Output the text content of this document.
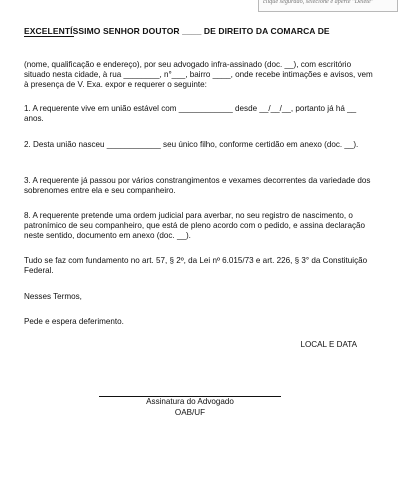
clique segurado, selecione e aperte "Delete"
EXCELENTÍSSIMO SENHOR DOUTOR ____ DE DIREITO DA COMARCA DE

(nome, qualificação e endereço), por seu advogado infra-assinado (doc. __), com escritório situado nesta cidade, à rua ________, n°___, bairro ____, onde recebe intimações e avisos, vem à presença de V. Exa. expor e requerer o seguinte:

1. A requerente vive em união estável com ____________ desde __/__/__, portanto já há __ anos.

2. Desta união nasceu ____________ seu único filho, conforme certidão em anexo (doc. __).

3. A requerente já passou por vários constrangimentos e vexames decorrentes da variedade dos sobrenomes entre ela e seu companheiro.

8. A requerente pretende uma ordem judicial para averbar, no seu registro de nascimento, o patronímico de seu companheiro, que está de pleno acordo com o pedido, e assina declaração neste sentido, documento em anexo (doc. __).

Tudo se faz com fundamento no art. 57, § 2º, da Lei nº 6.015/73 e art. 226, § 3° da Constituição Federal.

Nesses Termos,

Pede e espera deferimento.

LOCAL E DATA
Assinatura do Advogado
OAB/UF
